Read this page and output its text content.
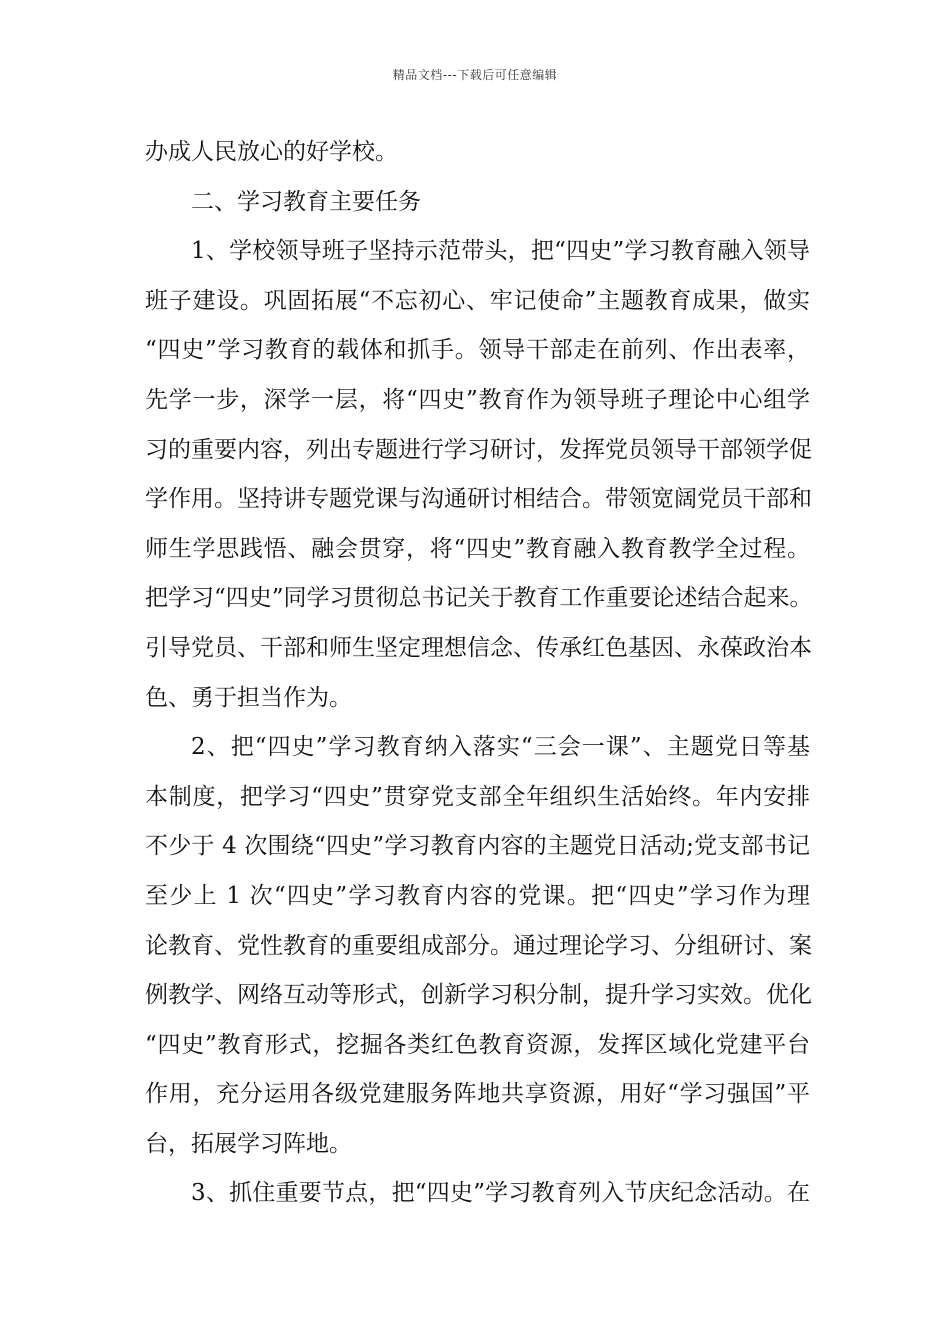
精品文档---下载后可任意编辑
办成人民放心的好学校。
二、学习教育主要任务
1、学校领导班子坚持示范带头，把“四史”学习教育融入领导
班子建设。巩固拓展“不忘初心、牢记使命”主题教育成果，做实
“四史”学习教育的载体和抓手。领导干部走在前列、作出表率，
先学一步，深学一层，将“四史”教育作为领导班子理论中心组学
习的重要内容，列出专题进行学习研讨，发挥党员领导干部领学促
学作用。坚持讲专题党课与沟通研讨相结合。带领宽阔党员干部和
师生学思践悟、融会贯穿，将“四史”教育融入教育教学全过程。
把学习“四史”同学习贯彻总书记关于教育工作重要论述结合起来。
引导党员、干部和师生坚定理想信念、传承红色基因、永葆政治本
色、勇于担当作为。
2、把“四史”学习教育纳入落实“三会一课”、主题党日等基
本制度，把学习“四史”贯穿党支部全年组织生活始终。年内安排
不少于 4 次围绕“四史”学习教育内容的主题党日活动;党支部书记
至少上 1 次“四史”学习教育内容的党课。把“四史”学习作为理
论教育、党性教育的重要组成部分。通过理论学习、分组研讨、案
例教学、网络互动等形式，创新学习积分制，提升学习实效。优化
“四史”教育形式，挖掘各类红色教育资源，发挥区域化党建平台
作用，充分运用各级党建服务阵地共享资源，用好“学习强国”平
台，拓展学习阵地。
3、抓住重要节点，把“四史”学习教育列入节庆纪念活动。在
